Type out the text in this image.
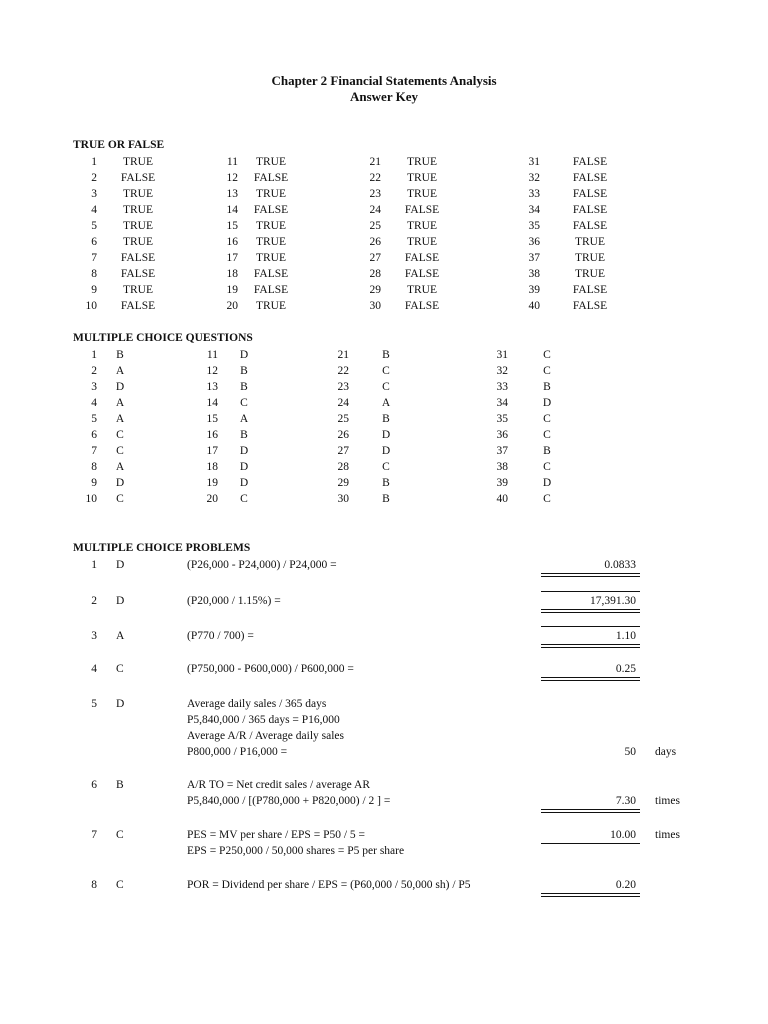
Chapter 2 Financial Statements Analysis
Answer Key
TRUE OR FALSE
1 TRUE
2 FALSE
3 TRUE
4 TRUE
5 TRUE
6 TRUE
7 FALSE
8 FALSE
9 TRUE
10 FALSE
11 TRUE
12 FALSE
13 TRUE
14 FALSE
15 TRUE
16 TRUE
17 TRUE
18 FALSE
19 FALSE
20 TRUE
21 TRUE
22 TRUE
23 TRUE
24 FALSE
25 TRUE
26 TRUE
27 FALSE
28 FALSE
29 TRUE
30 FALSE
31	FALSE
32	FALSE
33	FALSE
34	FALSE
35	FALSE
36	TRUE
37	TRUE
38	TRUE
39	FALSE
40	FALSE
MULTIPLE CHOICE QUESTIONS
1 B
2 A
3 D
4 A
5 A
6 C
7 C
8 A
9 D
10 C
11 D
12 B
13 B
14 C
15 A
16 B
17 D
18 D
19 D
20 C
21	B
22	C
23	C
24	A
25	B
26	D
27	D
28	C
29	B
30	B
31	C
32	C
33	B
34	D
35	C
36	C
37	B
38	C
39	D
40	C
MULTIPLE CHOICE PROBLEMS
1 D	(P26,000 - P24,000) / P24,000 =	0.0833
2 D	(P20,000 / 1.15%) =	17,391.30
3 A	(P770 / 700) =	1.10
4 C	(P750,000 - P600,000) / P600,000 =	0.25
5 D	Average daily sales / 365 days
P5,840,000 / 365 days = P16,000
Average A/R / Average daily sales
P800,000 / P16,000 =	50 days
6 B	A/R TO = Net credit sales / average AR
P5,840,000 / [(P780,000 + P820,000) / 2 ] =	7.30 times
7 C	PES = MV per share / EPS = P50 / 5 =
EPS = P250,000 / 50,000 shares = P5 per share
10.00 times
8 C	POR = Dividend per share / EPS = (P60,000 / 50,000 sh) / P5	0.20
